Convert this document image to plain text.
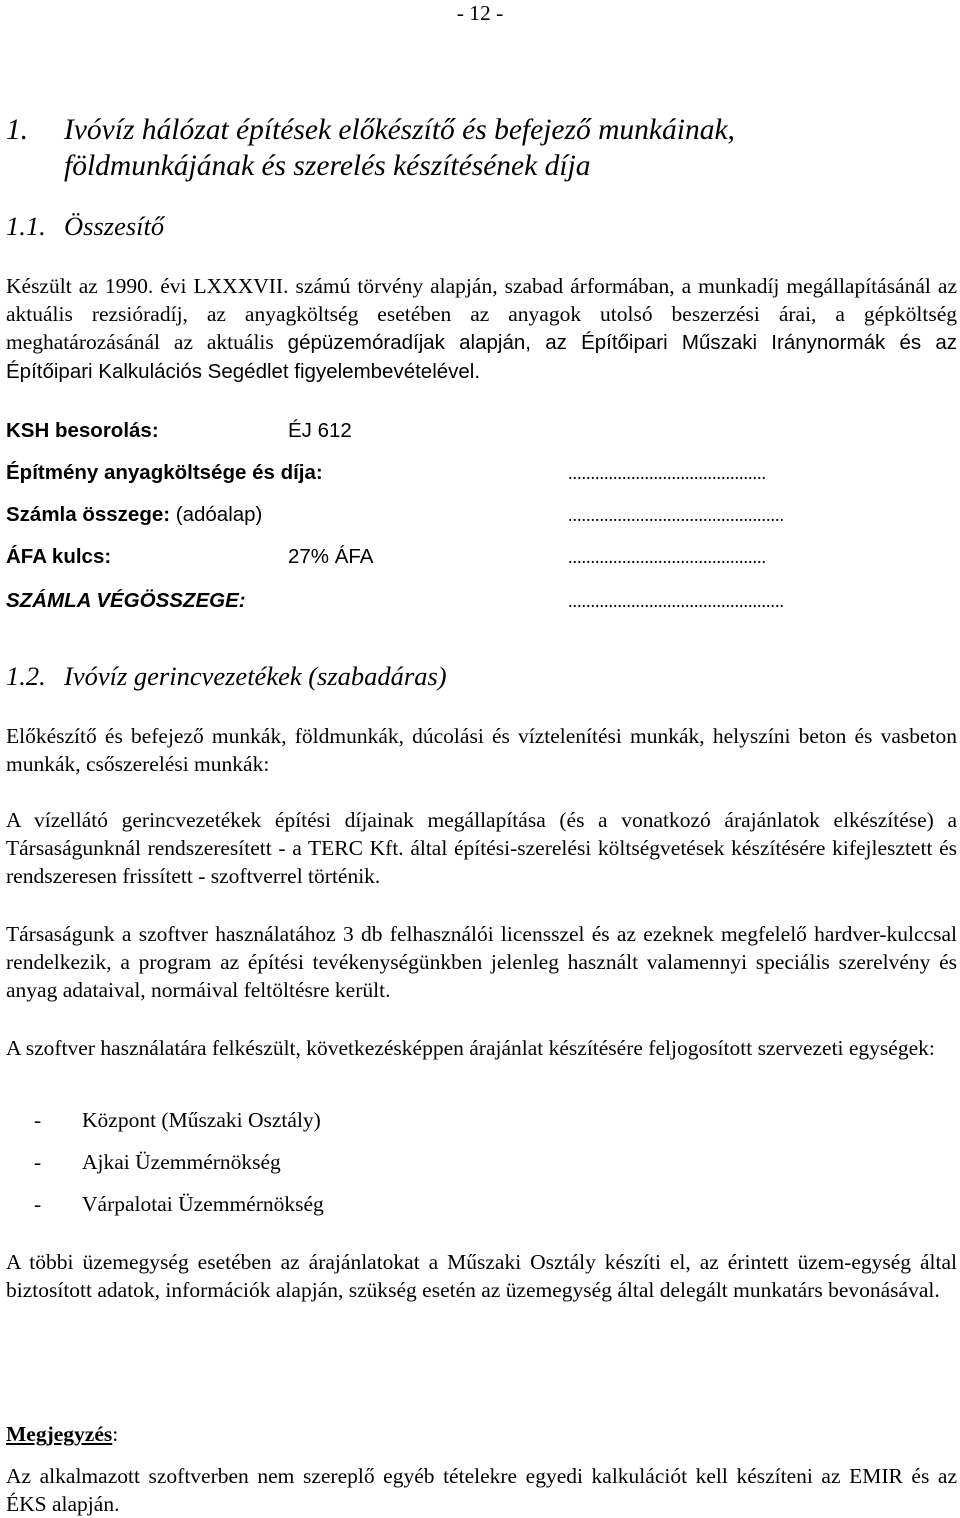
- 12 -
1. Ivóvíz hálózat építések előkészítő és befejező munkáinak, földmunkájának és szerelés készítésének díja
1.1. Összesítő
Készült az 1990. évi LXXXVII. számú törvény alapján, szabad árformában, a munkadíj megállapításánál az aktuális rezsióradíj, az anyagköltség esetében az anyagok utolsó beszerzési árai, a gépköltség meghatározásánál az aktuális gépüzemóradíjak alapján, az Építőipari Műszaki Iránynormák és az Építőipari Kalkulációs Segédlet figyelembevételével.
KSH besorolás:	ÉJ 612
Építmény anyagköltsége és díja:	............................................
Számla összege: (adóalap)	................................................
ÁFA kulcs:	27% ÁFA	............................................
SZÁMLA VÉGÖSSZEGE:	................................................
1.2. Ivóvíz gerincvezetékek (szabadáras)
Előkészítő és befejező munkák, földmunkák, dúcolási és víztelenítési munkák, helyszíni beton és vasbeton munkák, csőszerelési munkák:
A vízellátó gerincvezetékek építési díjainak megállapítása (és a vonatkozó árajánlatok elkészítése) a Társaságunknál rendszeresített - a TERC Kft. által építési-szerelési költségvetések készítésére kifejlesztett és rendszeresen frissített - szoftverrel történik.
Társaságunk a szoftver használatához 3 db felhasználói licensszel és az ezeknek megfelelő hardver-kulccsal rendelkezik, a program az építési tevékenységünkben jelenleg használt valamennyi speciális szerelvény és anyag adataival, normáival feltöltésre került.
A szoftver használatára felkészült, következésképpen árajánlat készítésére feljogosított szervezeti egységek:
- Központ (Műszaki Osztály)
- Ajkai Üzemmérnökség
- Várpalotai Üzemmérnökség
A többi üzemegység esetében az árajánlatokat a Műszaki Osztály készíti el, az érintett üzem-egység által biztosított adatok, információk alapján, szükség esetén az üzemegység által delegált munkatárs bevonásával.
Megjegyzés:
Az alkalmazott szoftverben nem szereplő egyéb tételekre egyedi kalkulációt kell készíteni az EMIR és az ÉKS alapján.
